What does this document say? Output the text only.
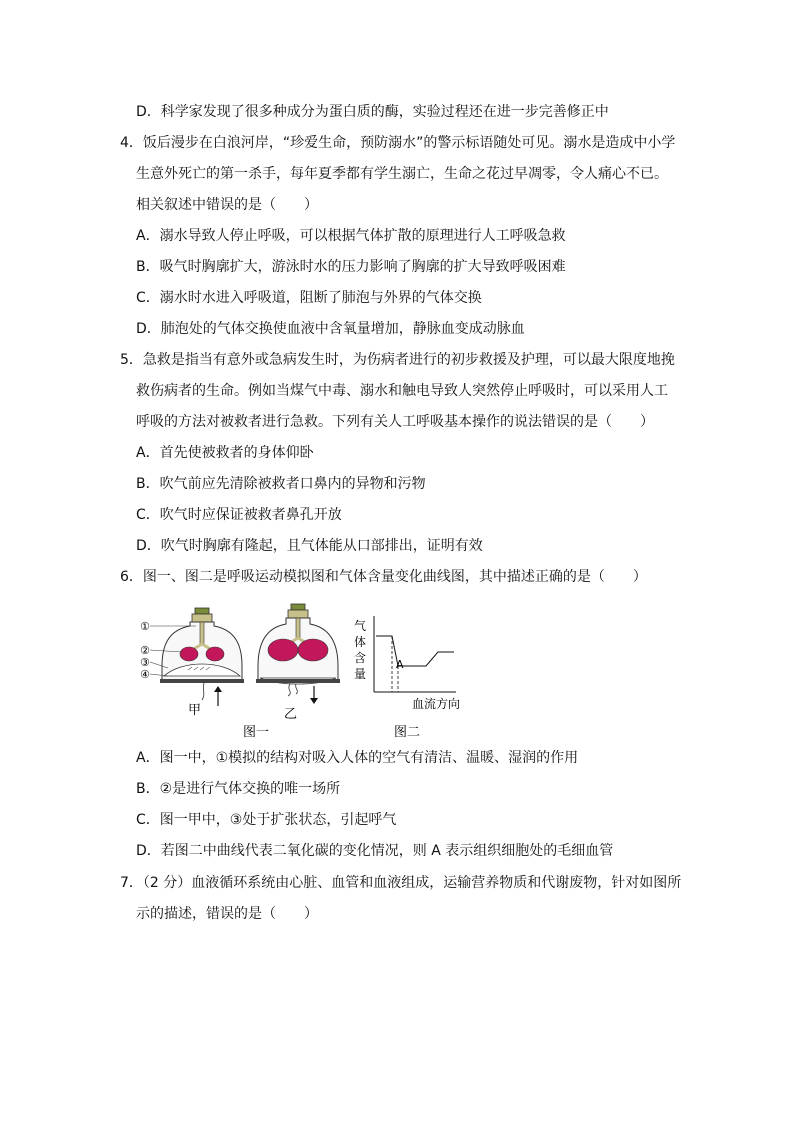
D．科学家发现了很多种成分为蛋白质的酶，实验过程还在进一步完善修正中
4．饭后漫步在白浪河岸，“珍爱生命，预防溺水”的警示标语随处可见。溺水是造成中小学
生意外死亡的第一杀手，每年夏季都有学生溺亡，生命之花过早凋零，令人痛心不已。
相关叙述中错误的是（　　）
A．溺水导致人停止呼吸，可以根据气体扩散的原理进行人工呼吸急救
B．吸气时胸廓扩大，游泳时水的压力影响了胸廓的扩大导致呼吸困难
C．溺水时水进入呼吸道，阻断了肺泡与外界的气体交换
D．肺泡处的气体交换使血液中含氧量增加，静脉血变成动脉血
5．急救是指当有意外或急病发生时，为伤病者进行的初步救援及护理，可以最大限度地挽
救伤病者的生命。例如当煤气中毒、溺水和触电导致人突然停止呼吸时，可以采用人工
呼吸的方法对被救者进行急救。下列有关人工呼吸基本操作的说法错误的是（　　）
A．首先使被救者的身体仰卧
B．吹气前应先清除被救者口鼻内的异物和污物
C．吹气时应保证被救者鼻孔开放
D．吹气时胸廓有隆起，且气体能从口部排出，证明有效
6．图一、图二是呼吸运动模拟图和气体含量变化曲线图，其中描述正确的是（　　）
①
②
③
④
甲	乙
图一
气
体
含
量
A
血流方向
图二
A．图一中，①模拟的结构对吸入人体的空气有清洁、温暖、湿润的作用
B．②是进行气体交换的唯一场所
C．图一甲中，③处于扩张状态，引起呼气
D．若图二中曲线代表二氧化碳的变化情况，则 A 表示组织细胞处的毛细血管
7．（2 分）血液循环系统由心脏、血管和血液组成，运输营养物质和代谢废物，针对如图所
示的描述，错误的是（　　）
